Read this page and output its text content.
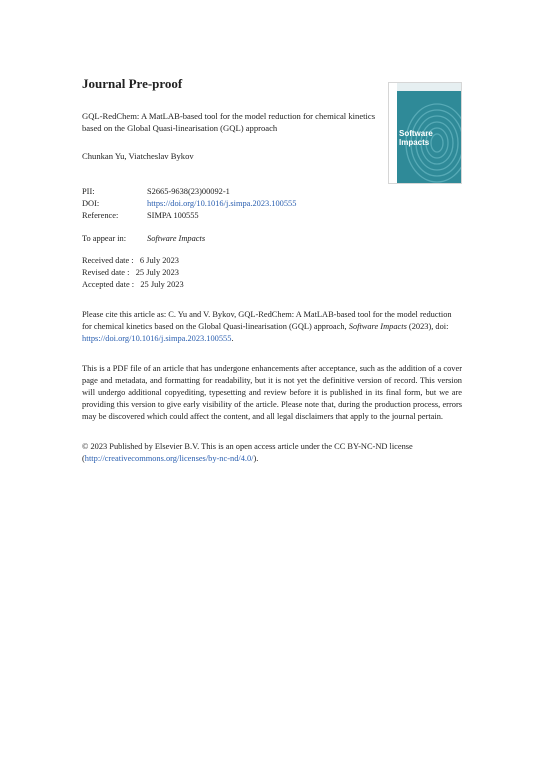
Journal Pre-proof
GQL-RedChem: A MatLAB-based tool for the model reduction for chemical kinetics based on the Global Quasi-linearisation (GQL) approach
Chunkan Yu, Viatcheslav Bykov
PII:	S2665-9638(23)00092-1
DOI:	https://doi.org/10.1016/j.simpa.2023.100555
Reference:	SIMPA 100555
To appear in: Software Impacts
Received date :   6 July 2023
Revised date :   25 July 2023
Accepted date :   25 July 2023
Please cite this article as: C. Yu and V. Bykov, GQL-RedChem: A MatLAB-based tool for the model reduction for chemical kinetics based on the Global Quasi-linearisation (GQL) approach, Software Impacts (2023), doi: https://doi.org/10.1016/j.simpa.2023.100555.
This is a PDF file of an article that has undergone enhancements after acceptance, such as the addition of a cover page and metadata, and formatting for readability, but it is not yet the definitive version of record. This version will undergo additional copyediting, typesetting and review before it is published in its final form, but we are providing this version to give early visibility of the article. Please note that, during the production process, errors may be discovered which could affect the content, and all legal disclaimers that apply to the journal pertain.
© 2023 Published by Elsevier B.V. This is an open access article under the CC BY-NC-ND license (http://creativecommons.org/licenses/by-nc-nd/4.0/).
Software
Impacts
